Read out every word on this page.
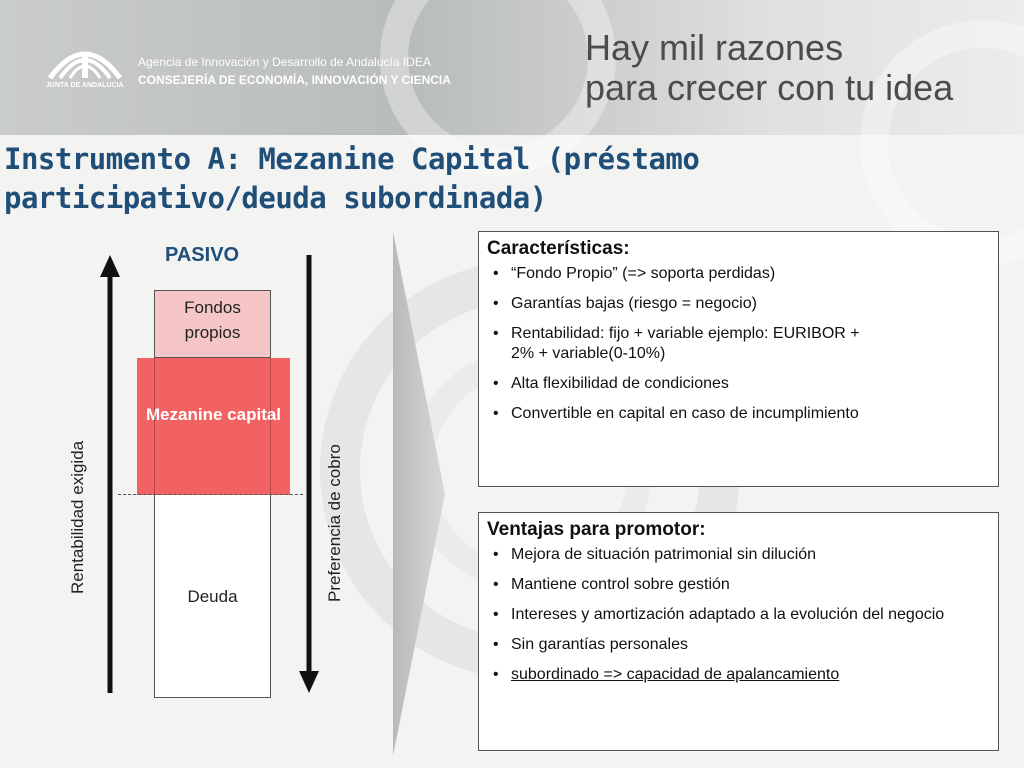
JUNTA DE ANDALUCIA
Agencia de Innovación y Desarrollo de Andalucía IDEA
CONSEJERÍA DE ECONOMÍA, INNOVACIÓN Y CIENCIA
Hay mil razones
para crecer con tu idea
Instrumento A: Mezanine Capital (préstamo participativo/deuda subordinada)
PASIVO
Fondos propios
Mezanine capital
Deuda
Rentabilidad exigida	Preferencia de cobro
Características:
• “Fondo Propio” (=> soporta perdidas)
• Garantías bajas (riesgo = negocio)
• Rentabilidad: fijo + variable ejemplo: EURIBOR + 2% + variable(0-10%)
• Alta flexibilidad de condiciones
• Convertible en capital en caso de incumplimiento
Ventajas para promotor:
• Mejora de situación patrimonial sin dilución
• Mantiene control sobre gestión
• Intereses y amortización adaptado a la evolución del negocio
• Sin garantías personales
• subordinado => capacidad de apalancamiento
